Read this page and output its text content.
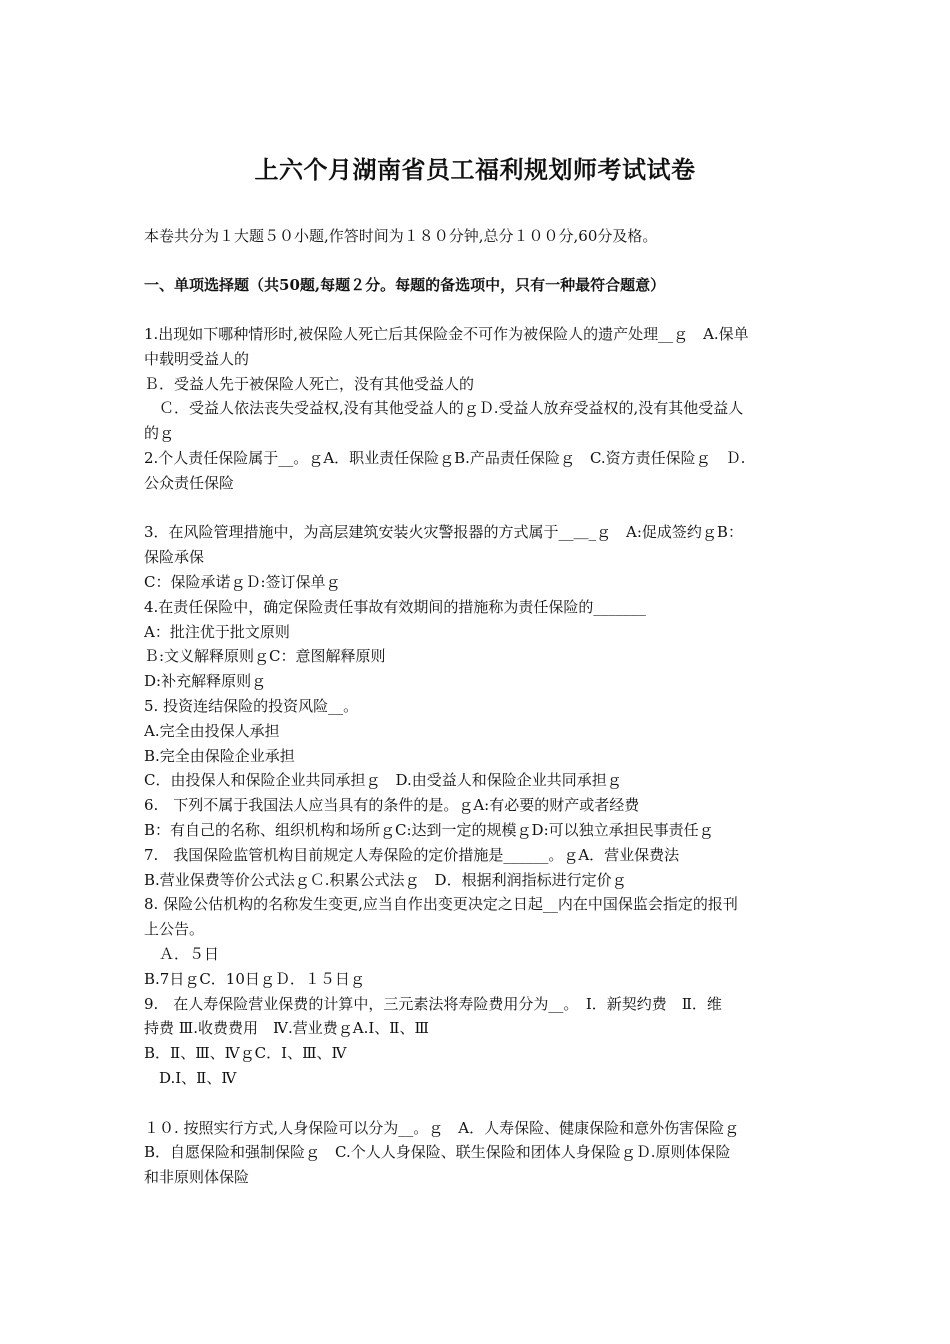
上六个月湖南省员工福利规划师考试试卷
本卷共分为１大题５０小题,作答时间为１８０分钟,总分１００分,60分及格。
一、单项选择题（共50题,每题２分。每题的备选项中，只有一种最符合题意）
1.出现如下哪种情形时,被保险人死亡后其保险金不可作为被保险人的遗产处理__ｇ　A.保单
中载明受益人的
Ｂ．受益人先于被保险人死亡，没有其他受益人的
　Ｃ．受益人依法丧失受益权,没有其他受益人的ｇＤ.受益人放弃受益权的,没有其他受益人
的ｇ
2.个人责任保险属于__。ｇA．职业责任保险ｇB.产品责任保险ｇ　C.资方责任保险ｇ　Ｄ.
公众责任保险
3．在风险管理措施中，为高层建筑安装火灾警报器的方式属于__＿_ｇ　A:促成签约ｇB：
保险承保
C：保险承诺ｇＤ:签订保单ｇ
4.在责任保险中，确定保险责任事故有效期间的措施称为责任保险的_______
A：批注优于批文原则
Ｂ:文义解释原则ｇC：意图解释原则
D:补充解释原则ｇ
5. 投资连结保险的投资风险__。
A.完全由投保人承担
B.完全由保险企业承担
C．由投保人和保险企业共同承担ｇ　D.由受益人和保险企业共同承担ｇ
6.　下列不属于我国法人应当具有的条件的是。ｇA:有必要的财产或者经费
B：有自己的名称、组织机构和场所ｇC:达到一定的规模ｇD:可以独立承担民事责任ｇ
7.　我国保险监管机构目前规定人寿保险的定价措施是______。ｇA．营业保费法
B.营业保费等价公式法ｇＣ.积累公式法ｇ　D．根据利润指标进行定价ｇ
8. 保险公估机构的名称发生变更,应当自作出变更决定之日起__内在中国保监会指定的报刊
上公告。
　Ａ．５日
B.7日ｇC．10日ｇＤ．１５日ｇ
9.　在人寿保险营业保费的计算中，三元素法将寿险费用分为__。　Ⅰ．新契约费　Ⅱ．维
持费 Ⅲ.收费费用　Ⅳ.营业费ｇA.Ⅰ、Ⅱ、Ⅲ
B．Ⅱ、Ⅲ、ⅣｇC．Ⅰ、Ⅲ、Ⅳ
　D.Ⅰ、Ⅱ、Ⅳ
１０. 按照实行方式,人身保险可以分为__。ｇ　A．人寿保险、健康保险和意外伤害保险ｇ
B．自愿保险和强制保险ｇ　C.个人人身保险、联生保险和团体人身保险ｇＤ.原则体保险
和非原则体保险
